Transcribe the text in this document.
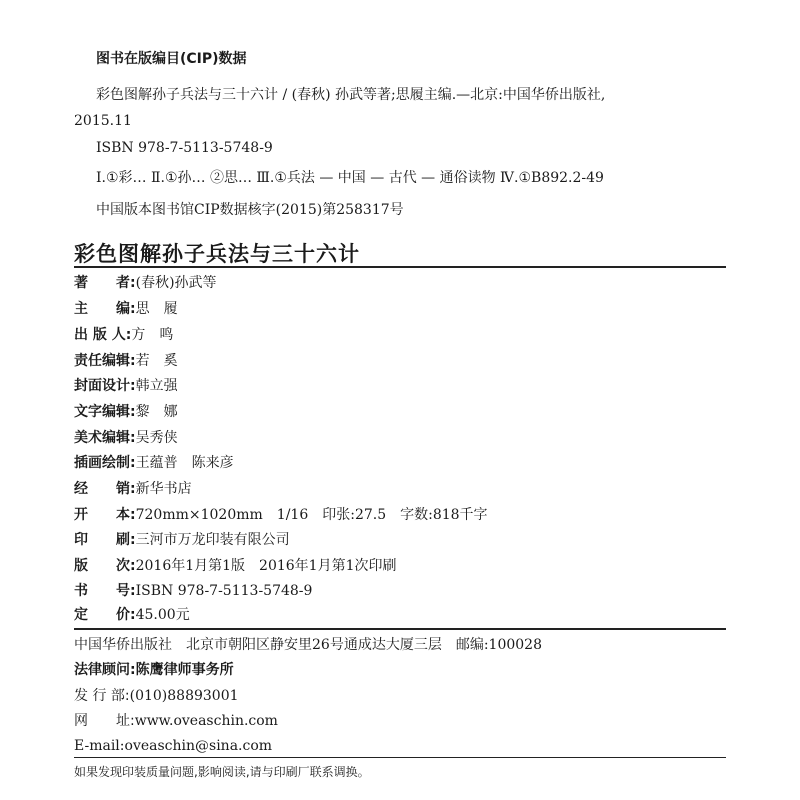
图书在版编目(CIP)数据
彩色图解孙子兵法与三十六计 / (春秋) 孙武等著;思履主编.—北京:中国华侨出版社,
2015.11
ISBN 978-7-5113-5748-9
Ⅰ.①彩… Ⅱ.①孙… ②思… Ⅲ.①兵法 — 中国 — 古代 — 通俗读物 Ⅳ.①B892.2-49
中国版本图书馆CIP数据核字(2015)第258317号
彩色图解孙子兵法与三十六计
著　　者:(春秋)孙武等
主　　编:思　履
出 版 人:方　鸣
责任编辑:若　奚
封面设计:韩立强
文字编辑:黎　娜
美术编辑:吴秀侠
插画绘制:王蕴普　陈来彦
经　　销:新华书店
开　　本:720mm×1020mm　1/16　印张:27.5　字数:818千字
印　　刷:三河市万龙印装有限公司
版　　次:2016年1月第1版　2016年1月第1次印刷
书　　号:ISBN 978-7-5113-5748-9
定　　价:45.00元
中国华侨出版社 北京市朝阳区静安里26号通成达大厦三层 邮编:100028
法律顾问:陈鹰律师事务所
发 行 部:(010)88893001
网　　址:www.oveaschin.com
E-mail:oveaschin@sina.com
如果发现印装质量问题,影响阅读,请与印刷厂联系调换。
